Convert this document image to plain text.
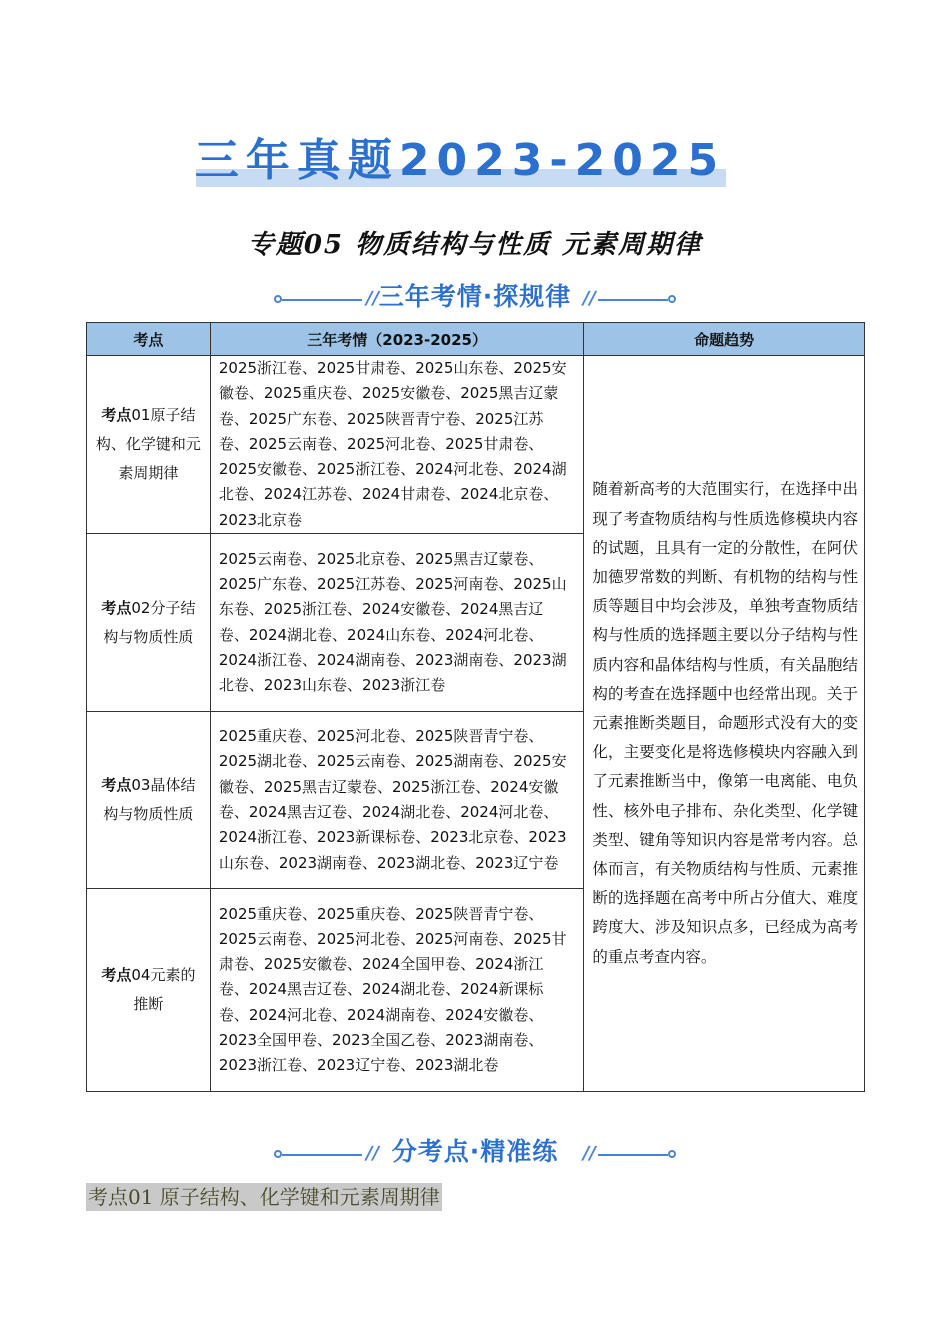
三年真题2023-2025
专题05 物质结构与性质 元素周期律
∕∕ 三年考情·探规律 ∕∕
考点	三年考情（2023-2025）	命题趋势
考点01原子结构、化学键和元素周期律	2025浙江卷、2025甘肃卷、2025山东卷、2025安徽卷、2025重庆卷、2025安徽卷、2025黑吉辽蒙卷、2025广东卷、2025陕晋青宁卷、2025江苏卷、2025云南卷、2025河北卷、2025甘肃卷、2025安徽卷、2025浙江卷、2024河北卷、2024湖北卷、2024江苏卷、2024甘肃卷、2024北京卷、2023北京卷	随着新高考的大范围实行，在选择中出现了考查物质结构与性质选修模块内容的试题，且具有一定的分散性，在阿伏加德罗常数的判断、有机物的结构与性质等题目中均会涉及，单独考查物质结构与性质的选择题主要以分子结构与性质内容和晶体结构与性质，有关晶胞结构的考查在选择题中也经常出现。关于元素推断类题目，命题形式没有大的变化，主要变化是将选修模块内容融入到了元素推断当中，像第一电离能、电负性、核外电子排布、杂化类型、化学键类型、键角等知识内容是常考内容。总体而言，有关物质结构与性质、元素推断的选择题在高考中所占分值大、难度跨度大、涉及知识点多，已经成为高考的重点考查内容。
考点02分子结构与物质性质	2025云南卷、2025北京卷、2025黑吉辽蒙卷、2025广东卷、2025江苏卷、2025河南卷、2025山东卷、2025浙江卷、2024安徽卷、2024黑吉辽卷、2024湖北卷、2024山东卷、2024河北卷、2024浙江卷、2024湖南卷、2023湖南卷、2023湖北卷、2023山东卷、2023浙江卷	
考点03晶体结构与物质性质	2025重庆卷、2025河北卷、2025陕晋青宁卷、2025湖北卷、2025云南卷、2025湖南卷、2025安徽卷、2025黑吉辽蒙卷、2025浙江卷、2024安徽卷、2024黑吉辽卷、2024湖北卷、2024河北卷、2024浙江卷、2023新课标卷、2023北京卷、2023山东卷、2023湖南卷、2023湖北卷、2023辽宁卷	
考点04元素的推断	2025重庆卷、2025重庆卷、2025陕晋青宁卷、2025云南卷、2025河北卷、2025河南卷、2025甘肃卷、2025安徽卷、2024全国甲卷、2024浙江卷、2024黑吉辽卷、2024湖北卷、2024新课标卷、2024河北卷、2024湖南卷、2024安徽卷、2023全国甲卷、2023全国乙卷、2023湖南卷、2023浙江卷、2023辽宁卷、2023湖北卷	
∕∕ 分考点·精准练	∕∕
考点01 原子结构、化学键和元素周期律
